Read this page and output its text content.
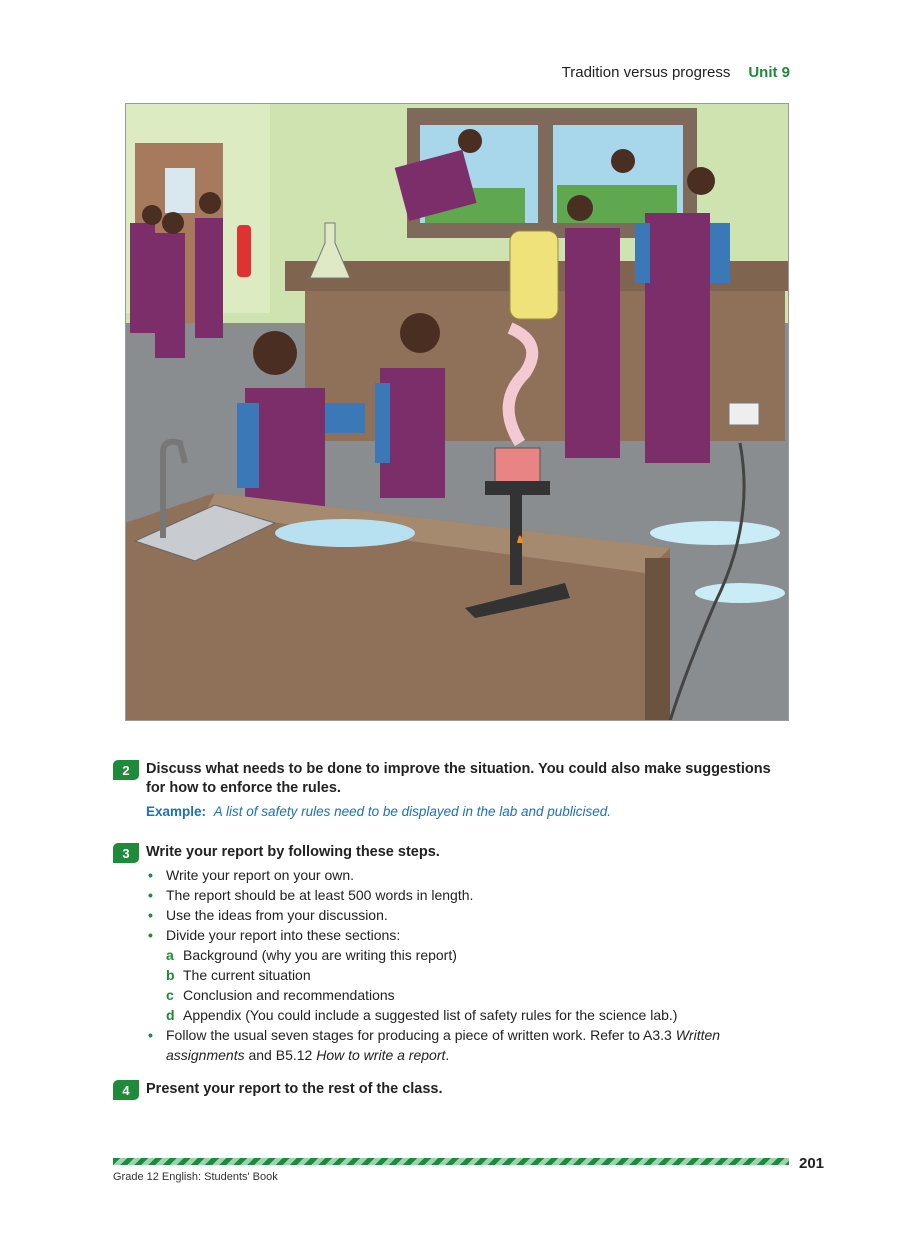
Tradition versus progress Unit 9
2	Discuss what needs to be done to improve the situation. You could also make suggestions for how to enforce the rules.
Example: A list of safety rules need to be displayed in the lab and publicised.
3	Write your report by following these steps.
• Write your report on your own.
• The report should be at least 500 words in length.
• Use the ideas from your discussion.
• Divide your report into these sections:
a Background (why you are writing this report)
b The current situation
c Conclusion and recommendations
d Appendix (You could include a suggested list of safety rules for the science lab.)
• Follow the usual seven stages for producing a piece of written work. Refer to A3.3 Written assignments and B5.12 How to write a report.
4	Present your report to the rest of the class.
201
Grade 12 English: Students' Book
